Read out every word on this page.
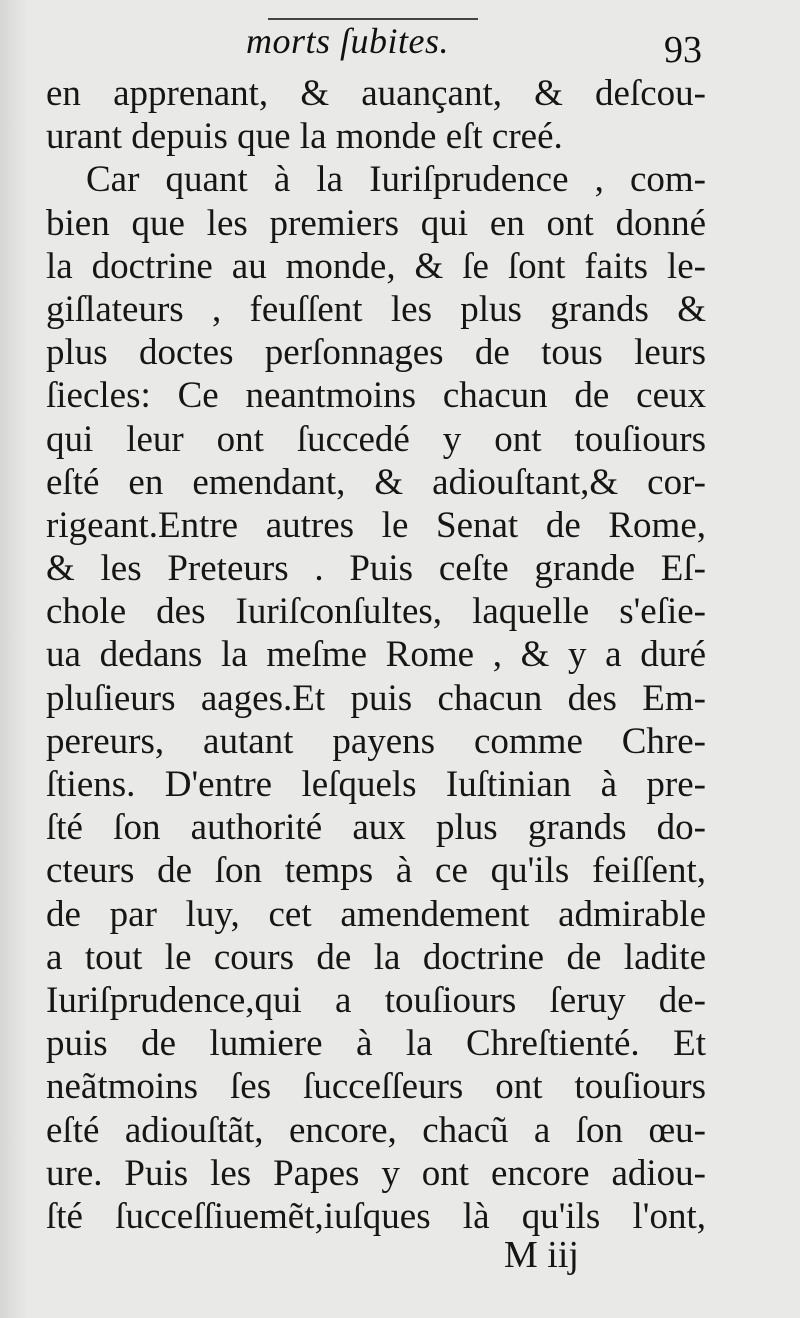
morts ſubites.	93
en apprenant, & auançant, & deſcou-
urant depuis que la monde eſt creé.
Car quant à la Iuriſprudence , com-
bien que les premiers qui en ont donné
la doctrine au monde, & ſe ſont faits le-
giſlateurs , feuſſent les plus grands &
plus doctes perſonnages de tous leurs
ſiecles: Ce neantmoins chacun de ceux
qui leur ont ſuccedé y ont touſiours
eſté en emendant, & adiouſtant,& cor-
rigeant.Entre autres le Senat de Rome,
& les Preteurs . Puis ceſte grande Eſ-
chole des Iuriſconſultes, laquelle s'eſie-
ua dedans la meſme Rome , & y a duré
pluſieurs aages.Et puis chacun des Em-
pereurs, autant payens comme Chre-
ſtiens. D'entre leſquels Iuſtinian à pre-
ſté ſon authorité aux plus grands do-
cteurs de ſon temps à ce qu'ils feiſſent,
de par luy, cet amendement admirable
a tout le cours de la doctrine de ladite
Iuriſprudence,qui a touſiours ſeruy de-
puis de lumiere à la Chreſtienté. Et
neãtmoins ſes ſucceſſeurs ont touſiours
eſté adiouſtãt, encore, chacũ a ſon œu-
ure. Puis les Papes y ont encore adiou-
ſté ſucceſſiuemẽt,iuſques là qu'ils l'ont,
M iij
